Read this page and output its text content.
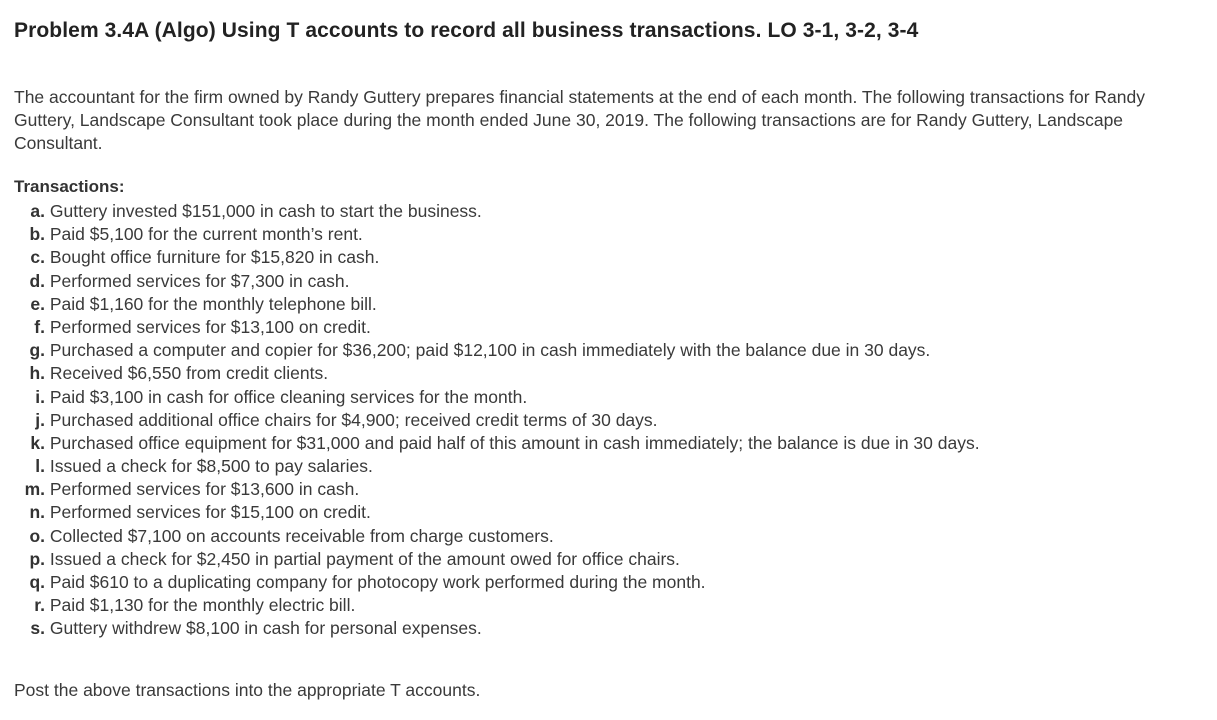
Problem 3.4A (Algo) Using T accounts to record all business transactions. LO 3-1, 3-2, 3-4

The accountant for the firm owned by Randy Guttery prepares financial statements at the end of each month. The following transactions for Randy Guttery, Landscape Consultant took place during the month ended June 30, 2019. The following transactions are for Randy Guttery, Landscape Consultant.

Transactions:
a. Guttery invested $151,000 in cash to start the business.
b. Paid $5,100 for the current month’s rent.
c. Bought office furniture for $15,820 in cash.
d. Performed services for $7,300 in cash.
e. Paid $1,160 for the monthly telephone bill.
f. Performed services for $13,100 on credit.
g. Purchased a computer and copier for $36,200; paid $12,100 in cash immediately with the balance due in 30 days.
h. Received $6,550 from credit clients.
i. Paid $3,100 in cash for office cleaning services for the month.
j. Purchased additional office chairs for $4,900; received credit terms of 30 days.
k. Purchased office equipment for $31,000 and paid half of this amount in cash immediately; the balance is due in 30 days.
l. Issued a check for $8,500 to pay salaries.
m. Performed services for $13,600 in cash.
n. Performed services for $15,100 on credit.
o. Collected $7,100 on accounts receivable from charge customers.
p. Issued a check for $2,450 in partial payment of the amount owed for office chairs.
q. Paid $610 to a duplicating company for photocopy work performed during the month.
r. Paid $1,130 for the monthly electric bill.
s. Guttery withdrew $8,100 in cash for personal expenses.

Post the above transactions into the appropriate T accounts.
